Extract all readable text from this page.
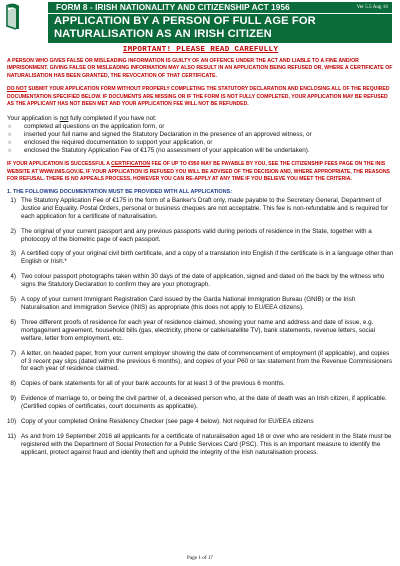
FORM 8 - IRISH NATIONALITY AND CITIZENSHIP ACT 1956	Ver 5.5 Aug 16
APPLICATION BY A PERSON OF FULL AGE FOR
NATURALISATION AS AN IRISH CITIZEN
IMPORTANT! PLEASE READ CAREFULLY
A PERSON WHO GIVES FALSE OR MISLEADING INFORMATION IS GUILTY OF AN OFFENCE UNDER THE ACT AND LIABLE TO A FINE AND/OR IMPRISONMENT. GIVING FALSE OR MISLEADING INFORMATION MAY ALSO RESULT IN AN APPLICATION BEING REFUSED OR, WHERE A CERTIFICATE OF NATURALISATION HAS BEEN GRANTED, THE REVOCATION OF THAT CERTIFICATE.
DO NOT SUBMIT YOUR APPLICATION FORM WITHOUT PROPERLY COMPLETING THE STATUTORY DECLARATION AND ENCLOSING ALL OF THE REQUIRED DOCUMENTATION SPECIFIED BELOW. IF DOCUMENTS ARE MISSING OR IF THE FORM IS NOT FULLY COMPLETED, YOUR APPLICATION MAY BE REFUSED AS THE APPLICANT HAS NOT BEEN MET AND YOUR APPLICATION FEE WILL NOT BE REFUNDED.
Your application is not fully completed if you have not:
○	completed all questions on the application form, or
○	inserted your full name and signed the Statutory Declaration in the presence of an approved witness, or
○	enclosed the required documentation to support your application, or
○	enclosed the Statutory Application Fee of €175 (no assessment of your application will be undertaken).
IF YOUR APPLICATION IS SUCCESSFUL A CERTIFICATION FEE OF UP TO €950 MAY BE PAYABLE BY YOU, SEE THE CITIZENSHIP FEES PAGE ON THE INIS WEBSITE AT WWW.INIS.GOV.IE. IF YOUR APPLICATION IS REFUSED YOU WILL BE ADVISED OF THE DECISION AND, WHERE APPROPRIATE, THE REASONS FOR REFUSAL. THERE IS NO APPEALS PROCESS, HOWEVER YOU CAN RE-APPLY AT ANY TIME IF YOU BELIEVE YOU MEET THE CRITERIA.
1. THE FOLLOWING DOCUMENTATION MUST BE PROVIDED WITH ALL APPLICATIONS:
1) The Statutory Application Fee of €175 in the form of a Banker's Draft only, made payable to the Secretary General, Department of Justice and Equality. Postal Orders, personal or business cheques are not acceptable. This fee is non-refundable and is required for each application for a certificate of naturalisation.
2) The original of your current passport and any previous passports valid during periods of residence in the State, together with a photocopy of the biometric page of each passport.
3) A certified copy of your original civil birth certificate, and a copy of a translation into English if the certificate is in a language other than English or Irish.*
4) Two colour passport photographs taken within 30 days of the date of application, signed and dated on the back by the witness who signs the Statutory Declaration to confirm they are your photograph.
5) A copy of your current Immigrant Registration Card issued by the Garda National Immigration Bureau (GNIB) or the Irish Naturalisation and Immigration Service (INIS) as appropriate (this does not apply to EU/EEA citizens).
6) Three different proofs of residence for each year of residence claimed, showing your name and address and date of issue, e.g. mortgage/rent agreement, household bills (gas, electricity, phone or cable/satellite TV), bank statements, revenue letters, social welfare, letter from employment, etc.
7) A letter, on headed paper, from your current employer showing the date of commencement of employment (if applicable), and copies of 3 recent pay slips (dated within the previous 6 months), and copies of your P60 or tax statement from the Revenue Commissioners for each year of residence claimed.
8) Copies of bank statements for all of your bank accounts for at least 3 of the previous 6 months.
9) Evidence of marriage to, or being the civil partner of, a deceased person who, at the date of death was an Irish citizen, if applicable. (Certified copies of certificates, court documents as applicable).
10) Copy of your completed Online Residency Checker (see page 4 below). Not required for EU/EEA citizens
11) As and from 19 September 2016 all applicants for a certificate of naturalisation aged 18 or over who are resident in the State must be registered with the Department of Social Protection for a Public Services Card (PSC). This is an important measure to identify the applicant, protect against fraud and identity theft and uphold the integrity of the Irish naturalisation process.
Page 1 of 17
